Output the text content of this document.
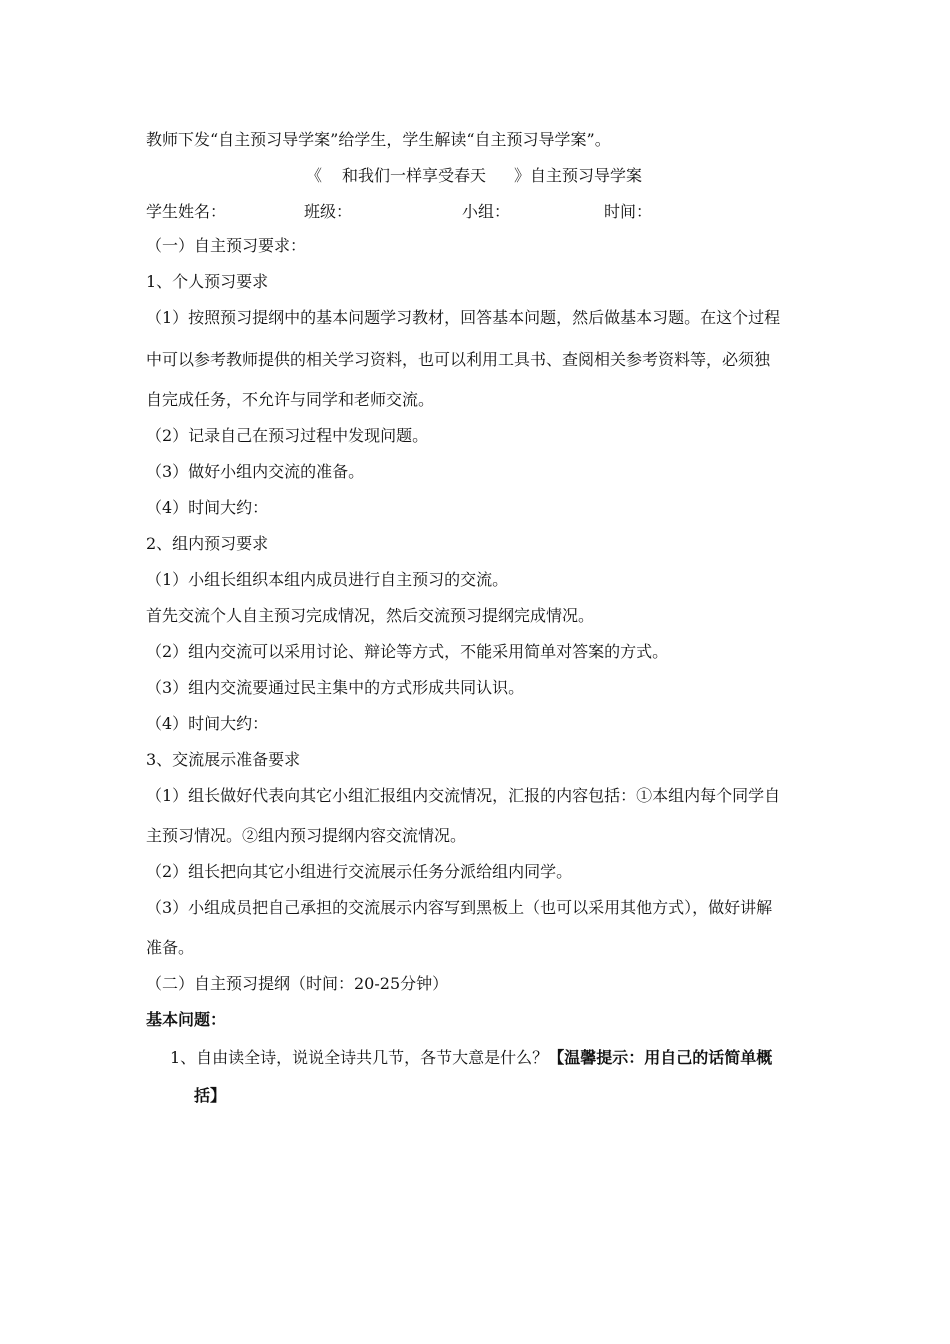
教师下发“自主预习导学案”给学生，学生解读“自主预习导学案”。
《 和我们一样享受春天 》自主预习导学案
学生姓名：	班级：	小组：	时间：
（一）自主预习要求：
1、个人预习要求
（1）按照预习提纲中的基本问题学习教材，回答基本问题，然后做基本习题。在这个过程
中可以参考教师提供的相关学习资料，也可以利用工具书、查阅相关参考资料等，必须独
自完成任务，不允许与同学和老师交流。
（2）记录自己在预习过程中发现问题。
（3）做好小组内交流的准备。
（4）时间大约：
2、组内预习要求
（1）小组长组织本组内成员进行自主预习的交流。
首先交流个人自主预习完成情况，然后交流预习提纲完成情况。
（2）组内交流可以采用讨论、辩论等方式，不能采用简单对答案的方式。
（3）组内交流要通过民主集中的方式形成共同认识。
（4）时间大约：
3、交流展示准备要求
（1）组长做好代表向其它小组汇报组内交流情况，汇报的内容包括：①本组内每个同学自
主预习情况。②组内预习提纲内容交流情况。
（2）组长把向其它小组进行交流展示任务分派给组内同学。
（3）小组成员把自己承担的交流展示内容写到黑板上（也可以采用其他方式），做好讲解
准备。
（二）自主预习提纲（时间：20-25分钟）
基本问题：
1、自由读全诗，说说全诗共几节，各节大意是什么？【温馨提示：用自己的话简单概
括】
